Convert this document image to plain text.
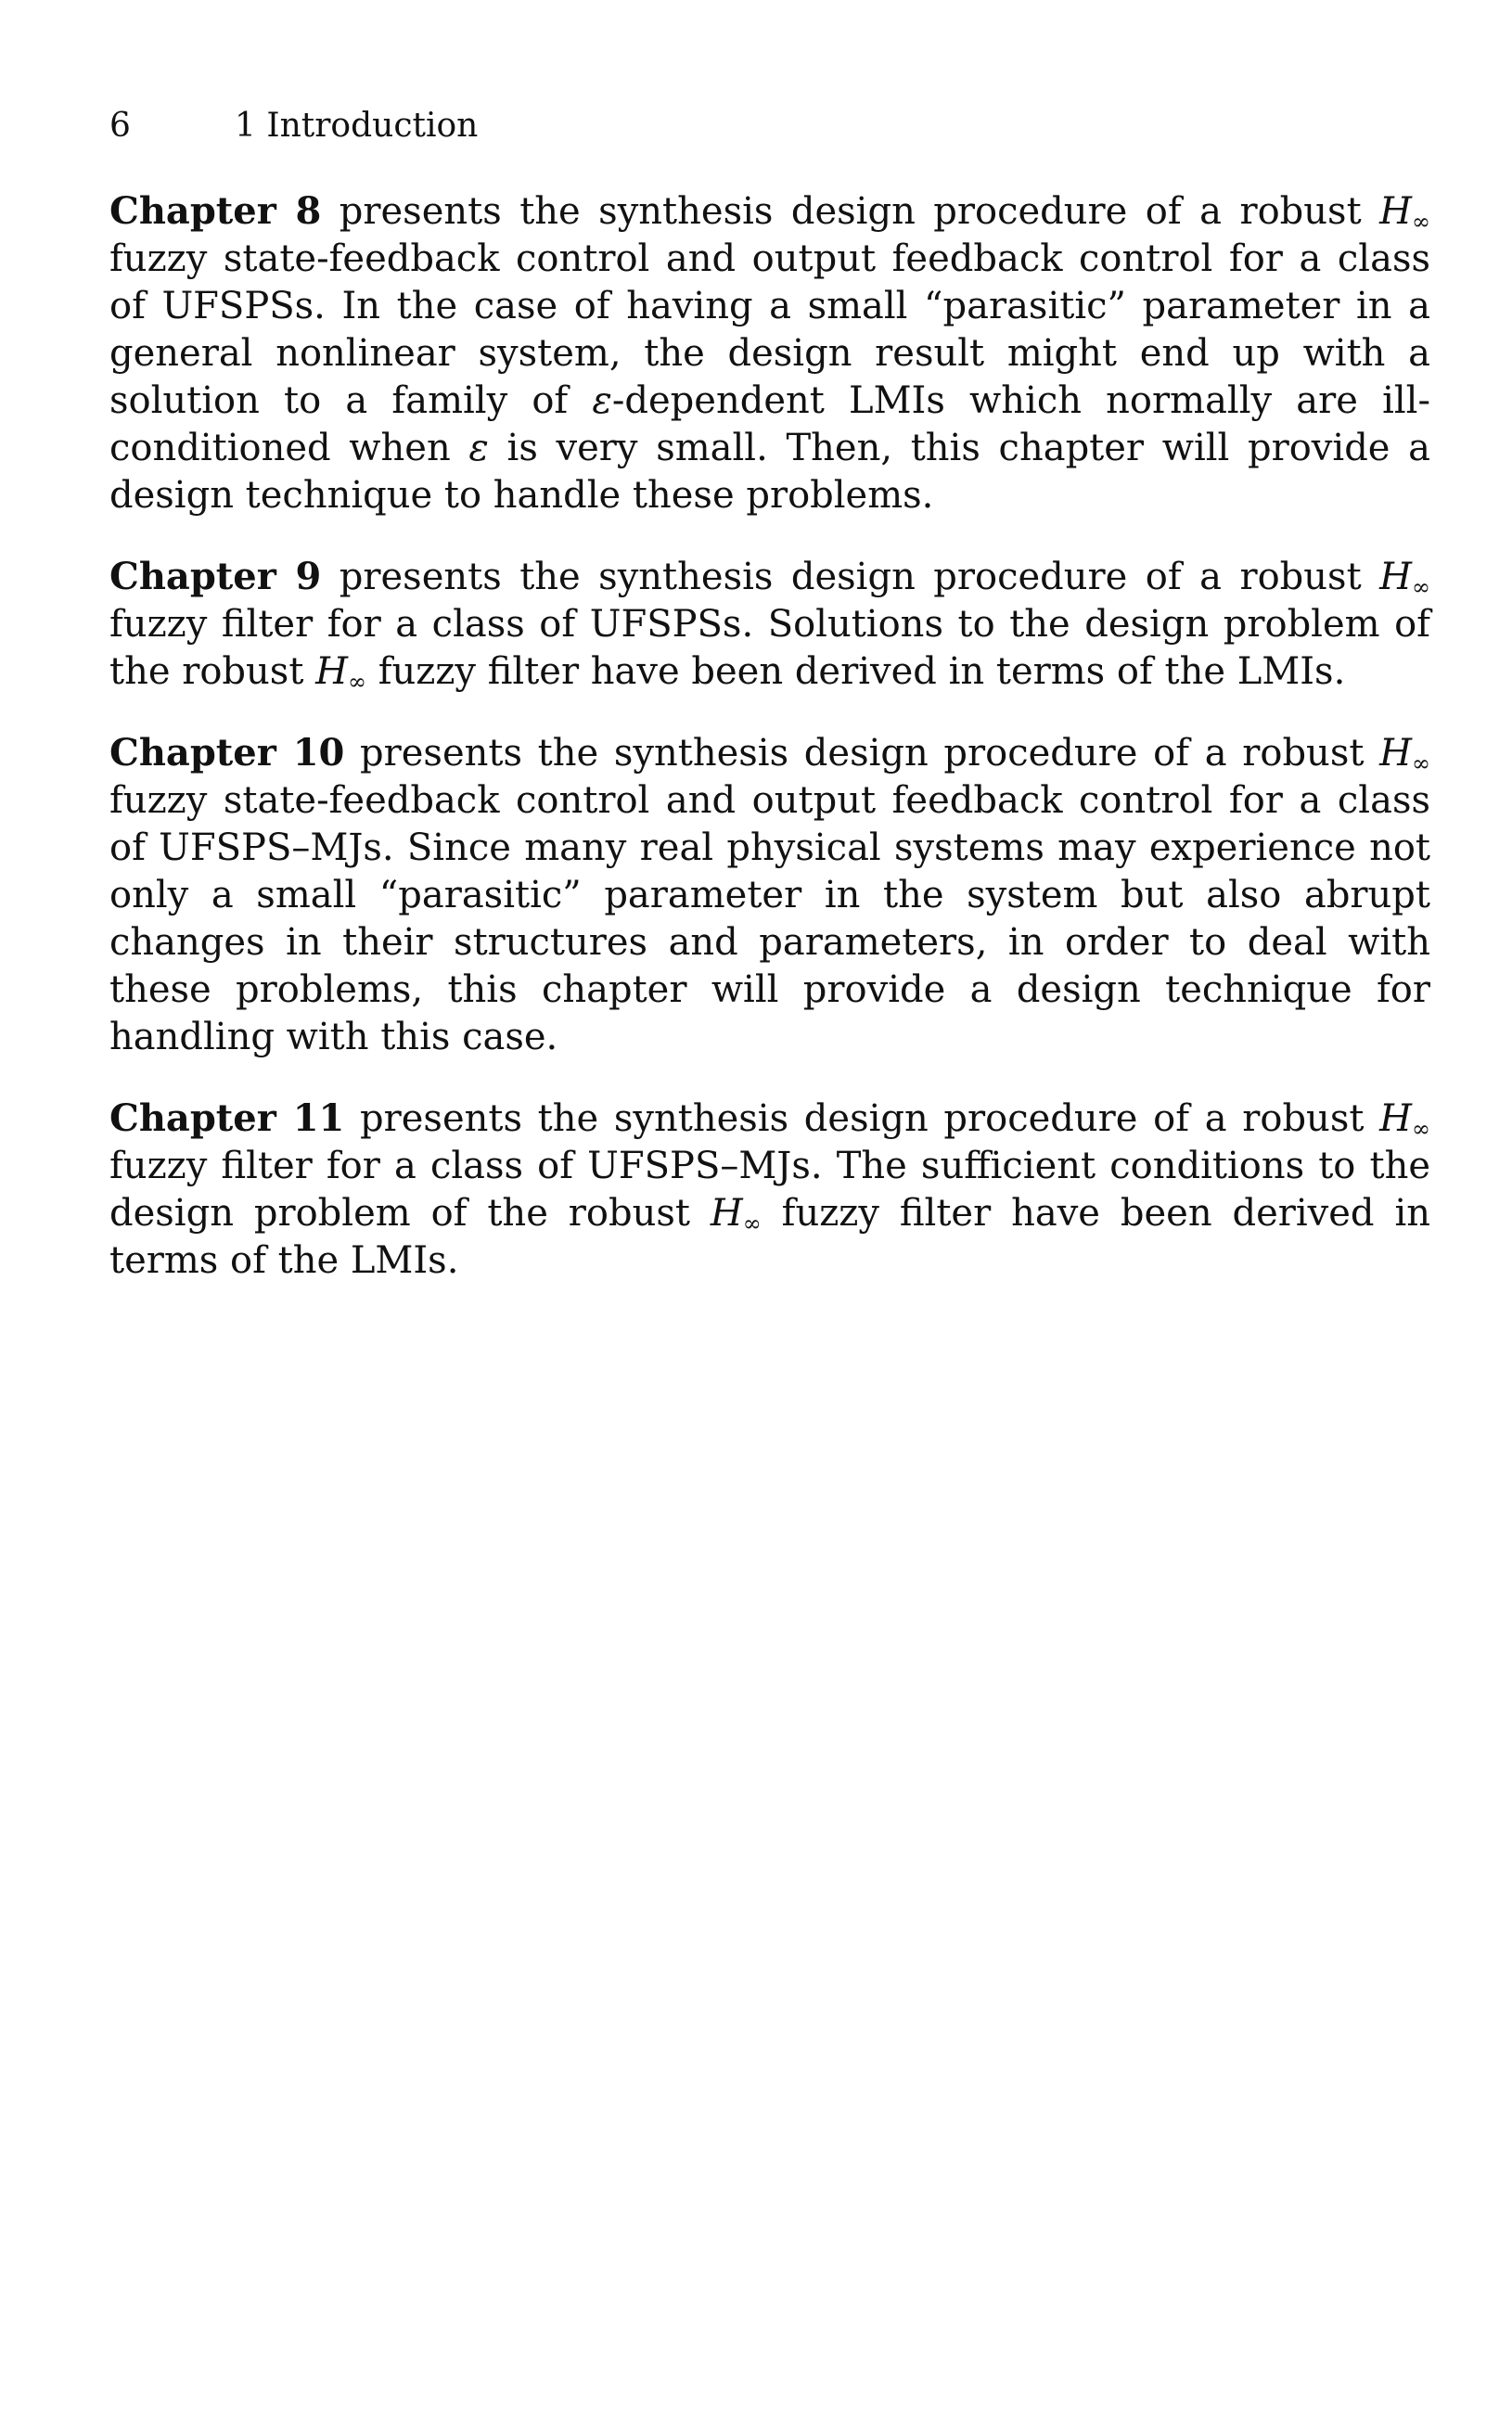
6	1 Introduction

Chapter 8 presents the synthesis design procedure of a robust $H_\infty$ fuzzy state-feedback control and output feedback control for a class of UFSPSs. In the case of having a small “parasitic” parameter in a general nonlinear system, the design result might end up with a solution to a family of ε-dependent LMIs which normally are ill-conditioned when ε is very small. Then, this chapter will provide a design technique to handle these problems.

Chapter 9 presents the synthesis design procedure of a robust $H_\infty$ fuzzy filter for a class of UFSPSs. Solutions to the design problem of the robust $H_\infty$ fuzzy filter have been derived in terms of the LMIs.

Chapter 10 presents the synthesis design procedure of a robust $H_\infty$ fuzzy state-feedback control and output feedback control for a class of UFSPS–MJs. Since many real physical systems may experience not only a small “parasitic” parameter in the system but also abrupt changes in their structures and parameters, in order to deal with these problems, this chapter will provide a design technique for handling with this case.

Chapter 11 presents the synthesis design procedure of a robust $H_\infty$ fuzzy filter for a class of UFSPS–MJs. The sufficient conditions to the design problem of the robust $H_\infty$ fuzzy filter have been derived in terms of the LMIs.
